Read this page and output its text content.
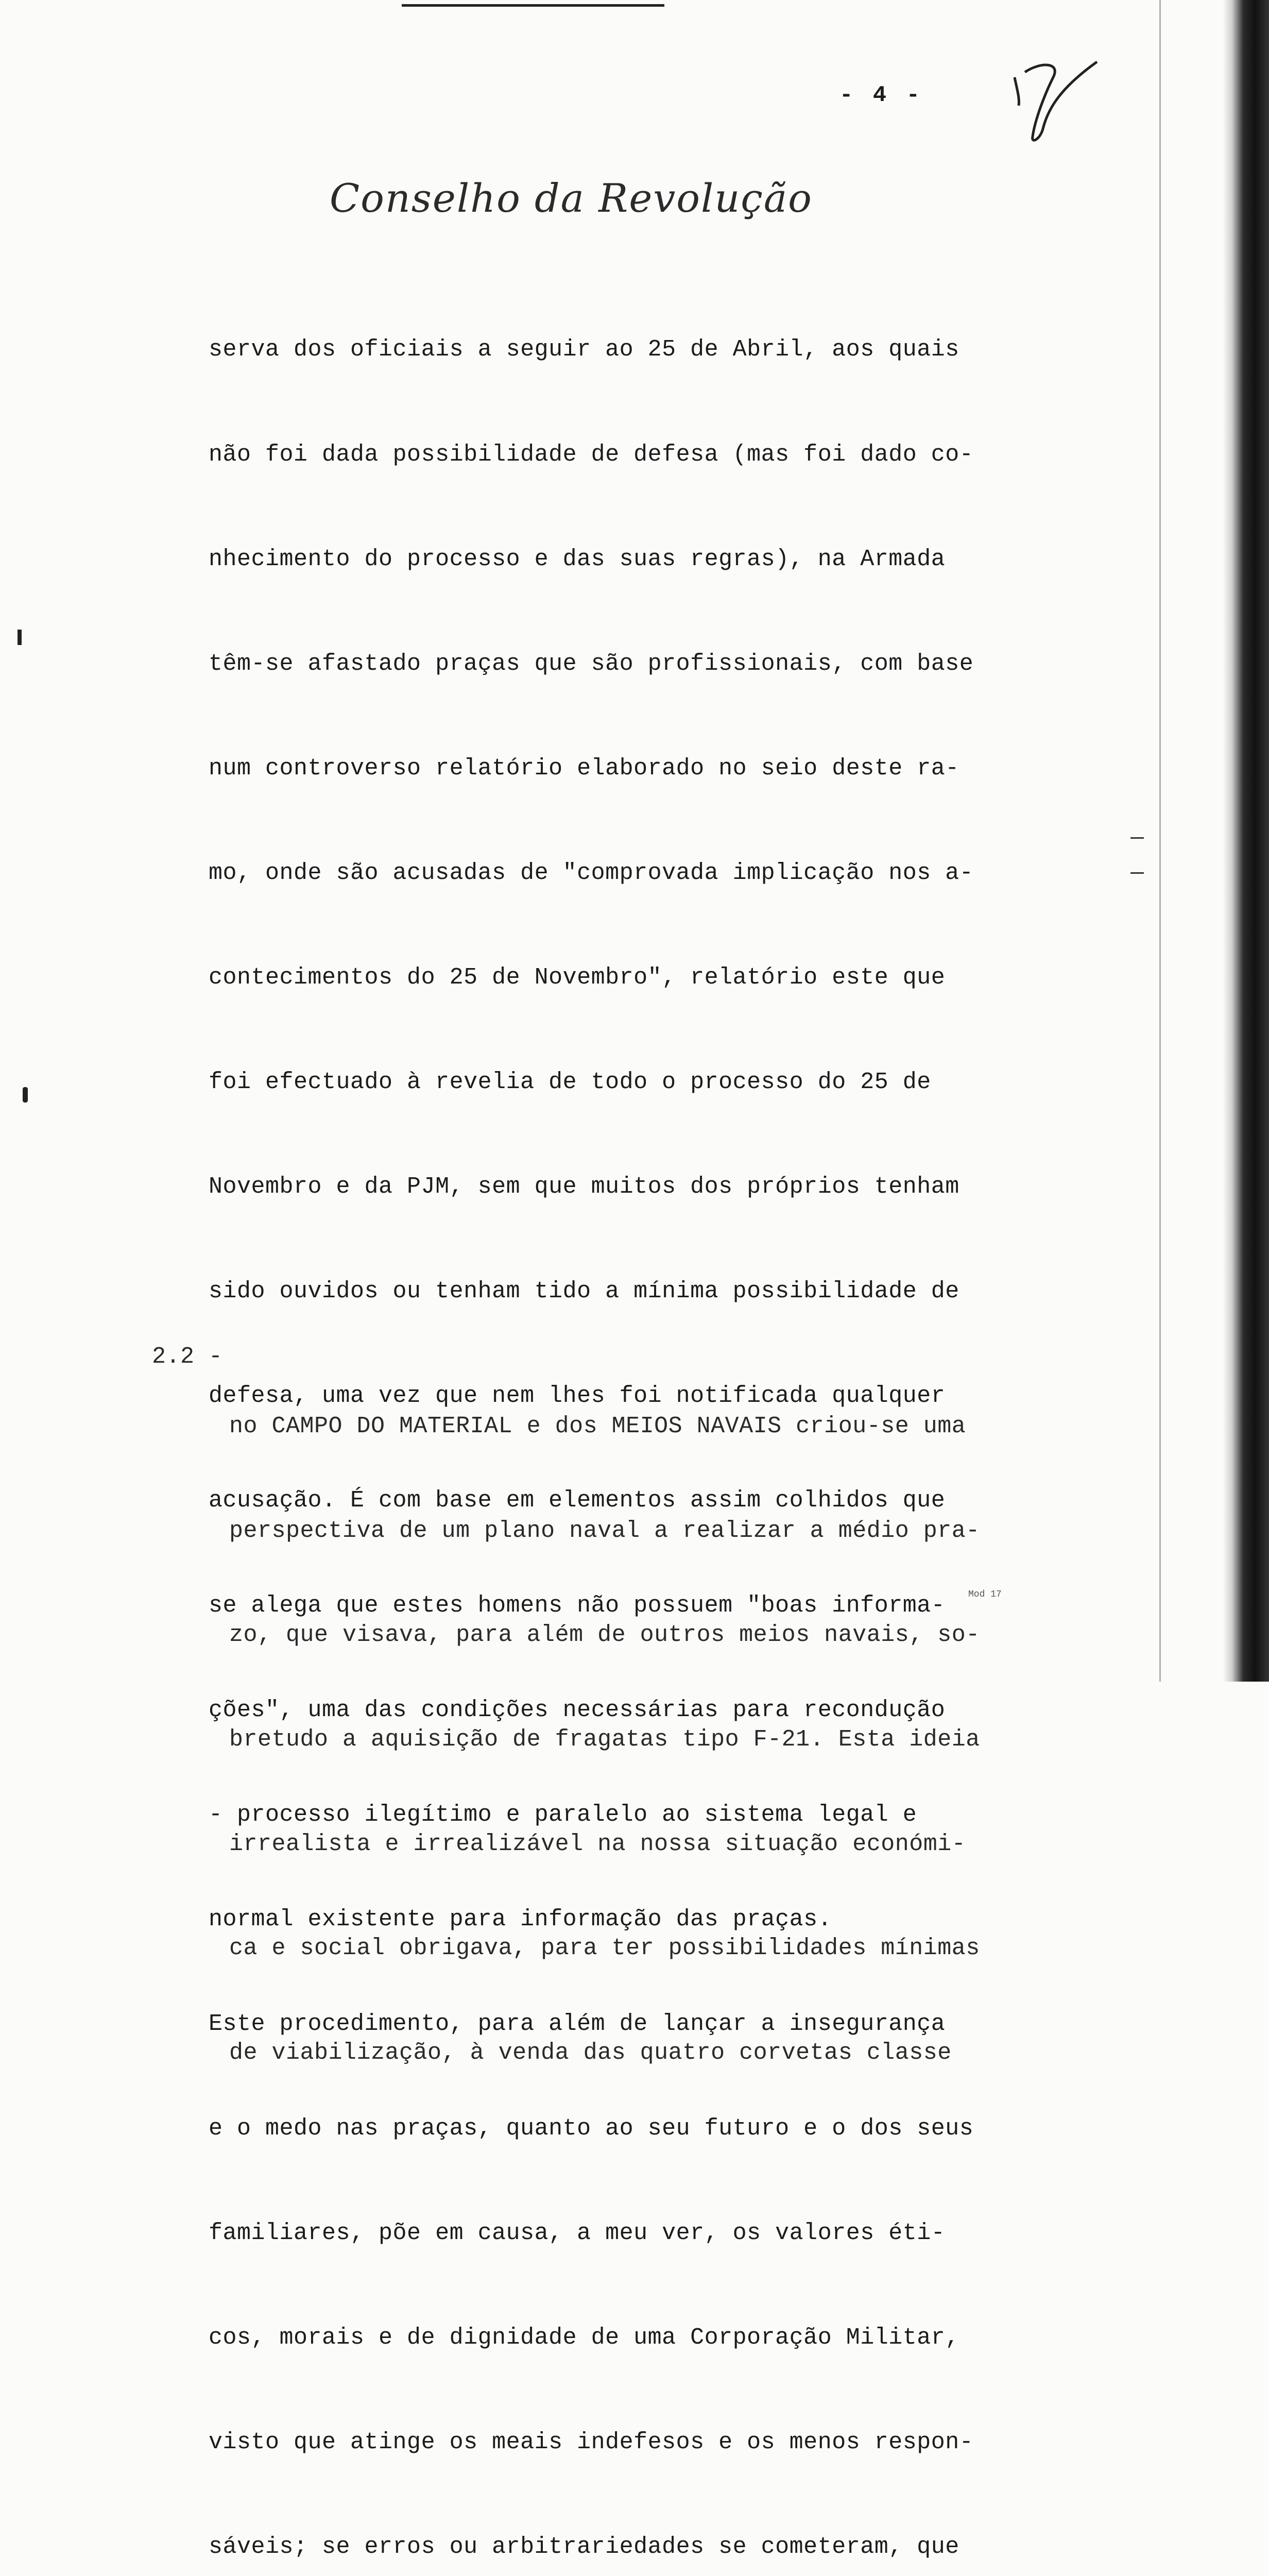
- 4 -
Conselho da Revolução

serva dos oficiais a seguir ao 25 de Abril, aos quais

não foi dada possibilidade de defesa (mas foi dado co-

nhecimento do processo e das suas regras), na Armada

têm-se afastado praças que são profissionais, com base

num controverso relatório elaborado no seio deste ra-

mo, onde são acusadas de "comprovada implicação nos a-

contecimentos do 25 de Novembro", relatório este que

foi efectuado à revelia de todo o processo do 25 de

Novembro e da PJM, sem que muitos dos próprios tenham

sido ouvidos ou tenham tido a mínima possibilidade de

defesa, uma vez que nem lhes foi notificada qualquer

acusação. É com base em elementos assim colhidos que

se alega que estes homens não possuem "boas informa-

ções", uma das condições necessárias para recondução

- processo ilegítimo e paralelo ao sistema legal e

normal existente para informação das praças.

Este procedimento, para além de lançar a insegurança

e o medo nas praças, quanto ao seu futuro e o dos seus

familiares, põe em causa, a meu ver, os valores éti-

cos, morais e de dignidade de uma Corporação Militar,

visto que atinge os meais indefesos e os menos respon-

sáveis; se erros ou arbitrariedades se cometeram, que

2.2 -

no CAMPO DO MATERIAL e dos MEIOS NAVAIS criou-se uma

perspectiva de um plano naval a realizar a médio pra-

zo, que visava, para além de outros meios navais, so-

bretudo a aquisição de fragatas tipo F-21. Esta ideia

irrealista e irrealizável na nossa situação económi-

ca e social obrigava, para ter possibilidades mínimas

de viabilização, à venda das quatro corvetas classe

Mod 17
